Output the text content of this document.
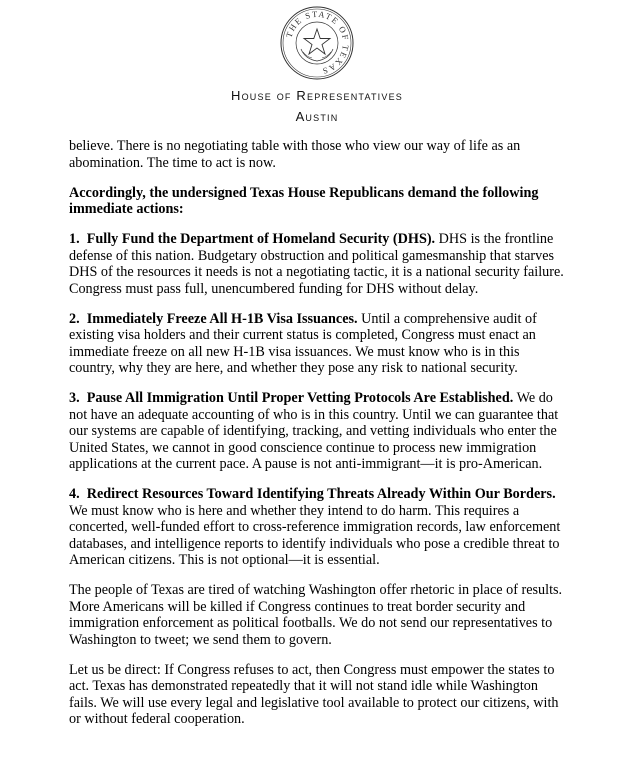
THE STATE OF TEXAS
House of Representatives
Austin

believe. There is no negotiating table with those who view our way of life as an abomination. The time to act is now.

Accordingly, the undersigned Texas House Republicans demand the following immediate actions:

1. Fully Fund the Department of Homeland Security (DHS). DHS is the frontline defense of this nation. Budgetary obstruction and political gamesmanship that starves DHS of the resources it needs is not a negotiating tactic, it is a national security failure. Congress must pass full, unencumbered funding for DHS without delay.

2. Immediately Freeze All H-1B Visa Issuances. Until a comprehensive audit of existing visa holders and their current status is completed, Congress must enact an immediate freeze on all new H-1B visa issuances. We must know who is in this country, why they are here, and whether they pose any risk to national security.

3. Pause All Immigration Until Proper Vetting Protocols Are Established. We do not have an adequate accounting of who is in this country. Until we can guarantee that our systems are capable of identifying, tracking, and vetting individuals who enter the United States, we cannot in good conscience continue to process new immigration applications at the current pace. A pause is not anti-immigrant—it is pro-American.

4. Redirect Resources Toward Identifying Threats Already Within Our Borders. We must know who is here and whether they intend to do harm. This requires a concerted, well-funded effort to cross-reference immigration records, law enforcement databases, and intelligence reports to identify individuals who pose a credible threat to American citizens. This is not optional—it is essential.

The people of Texas are tired of watching Washington offer rhetoric in place of results. More Americans will be killed if Congress continues to treat border security and immigration enforcement as political footballs. We do not send our representatives to Washington to tweet; we send them to govern.

Let us be direct: If Congress refuses to act, then Congress must empower the states to act. Texas has demonstrated repeatedly that it will not stand idle while Washington fails. We will use every legal and legislative tool available to protect our citizens, with or without federal cooperation.
